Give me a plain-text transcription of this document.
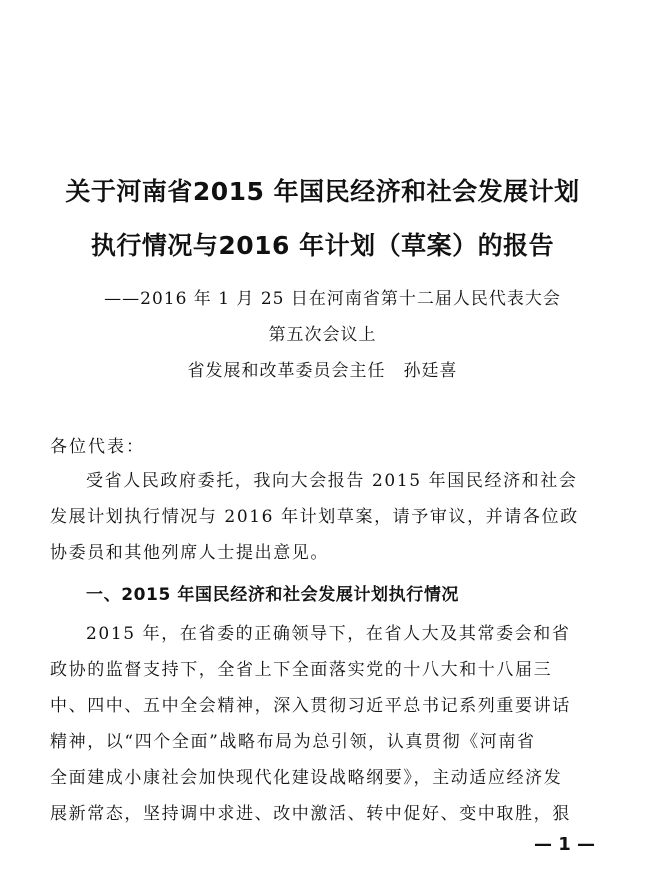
关于河南省2015 年国民经济和社会发展计划
执行情况与2016 年计划（草案）的报告
——2016 年 1 月 25 日在河南省第十二届人民代表大会
第五次会议上
省发展和改革委员会主任　孙廷喜
各位代表：
受省人民政府委托，我向大会报告 2015 年国民经济和社会
发展计划执行情况与 2016 年计划草案，请予审议，并请各位政
协委员和其他列席人士提出意见。
一、2015 年国民经济和社会发展计划执行情况
2015 年，在省委的正确领导下，在省人大及其常委会和省
政协的监督支持下，全省上下全面落实党的十八大和十八届三
中、四中、五中全会精神，深入贯彻习近平总书记系列重要讲话
精神，以“四个全面”战略布局为总引领，认真贯彻《河南省
全面建成小康社会加快现代化建设战略纲要》，主动适应经济发
展新常态，坚持调中求进、改中激活、转中促好、变中取胜，狠
— 1 —
